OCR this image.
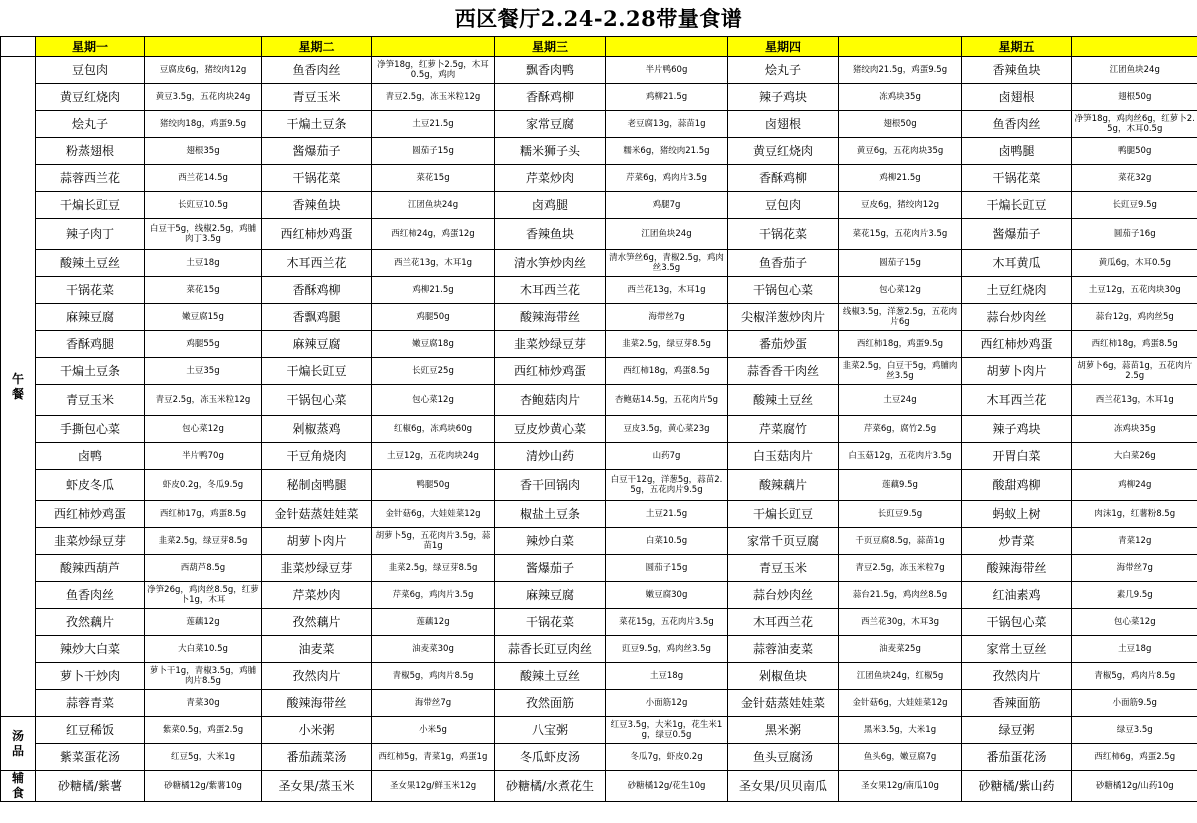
西区餐厅2.24-2.28带量食谱
	星期一		星期二		星期三		星期四		星期五	
午餐	豆包肉	豆腐皮6g，猪绞肉12g	鱼香肉丝	净笋18g，红萝卜2.5g，木耳0.5g，鸡肉	飘香肉鸭	半片鸭60g	烩丸子	猪绞肉21.5g，鸡蛋9.5g	香辣鱼块	江团鱼块24g
	黄豆红烧肉	黄豆3.5g，五花肉块24g	青豆玉米	青豆2.5g，冻玉米粒12g	香酥鸡柳	鸡柳21.5g	辣子鸡块	冻鸡块35g	卤翅根	翅根50g
	烩丸子	猪绞肉18g，鸡蛋9.5g	干煸土豆条	土豆21.5g	家常豆腐	老豆腐13g，蒜苗1g	卤翅根	翅根50g	鱼香肉丝	净笋18g，鸡肉丝6g，红萝卜2.5g，木耳0.5g
	粉蒸翅根	翅根35g	酱爆茄子	圆茄子15g	糯米狮子头	糯米6g，猪绞肉21.5g	黄豆红烧肉	黄豆6g，五花肉块35g	卤鸭腿	鸭腿50g
	蒜蓉西兰花	西兰花14.5g	干锅花菜	菜花15g	芹菜炒肉	芹菜6g，鸡肉片3.5g	香酥鸡柳	鸡柳21.5g	干锅花菜	菜花32g
	干煸长豇豆	长豇豆10.5g	香辣鱼块	江团鱼块24g	卤鸡腿	鸡腿7g	豆包肉	豆皮6g，猪绞肉12g	干煸长豇豆	长豇豆9.5g
	辣子肉丁	白豆干5g，线椒2.5g，鸡脯肉丁3.5g	西红柿炒鸡蛋	西红柿24g，鸡蛋12g	香辣鱼块	江团鱼块24g	干锅花菜	菜花15g，五花肉片3.5g	酱爆茄子	圆茄子16g
	酸辣土豆丝	土豆18g	木耳西兰花	西兰花13g，木耳1g	清水笋炒肉丝	清水笋丝6g，青椒2.5g，鸡肉丝3.5g	鱼香茄子	圆茄子15g	木耳黄瓜	黄瓜6g，木耳0.5g
	干锅花菜	菜花15g	香酥鸡柳	鸡柳21.5g	木耳西兰花	西兰花13g，木耳1g	干锅包心菜	包心菜12g	土豆红烧肉	土豆12g，五花肉块30g
	麻辣豆腐	嫩豆腐15g	香飘鸡腿	鸡腿50g	酸辣海带丝	海带丝7g	尖椒洋葱炒肉片	线椒3.5g，洋葱2.5g，五花肉片6g	蒜台炒肉丝	蒜台12g，鸡肉丝5g
	香酥鸡腿	鸡腿55g	麻辣豆腐	嫩豆腐18g	韭菜炒绿豆芽	韭菜2.5g，绿豆芽8.5g	番茄炒蛋	西红柿18g，鸡蛋9.5g	西红柿炒鸡蛋	西红柿18g，鸡蛋8.5g
	干煸土豆条	土豆35g	干煸长豇豆	长豇豆25g	西红柿炒鸡蛋	西红柿18g，鸡蛋8.5g	蒜香香干肉丝	韭菜2.5g，白豆干5g，鸡脯肉丝3.5g	胡萝卜肉片	胡萝卜6g，蒜苗1g，五花肉片2.5g
	青豆玉米	青豆2.5g，冻玉米粒12g	干锅包心菜	包心菜12g	杏鲍菇肉片	杏鲍菇14.5g，五花肉片5g	酸辣土豆丝	土豆24g	木耳西兰花	西兰花13g，木耳1g
	手撕包心菜	包心菜12g	剁椒蒸鸡	红椒6g，冻鸡块60g	豆皮炒黄心菜	豆皮3.5g，黄心菜23g	芹菜腐竹	芹菜6g，腐竹2.5g	辣子鸡块	冻鸡块35g
	卤鸭	半片鸭70g	干豆角烧肉	土豆12g，五花肉块24g	清炒山药	山药7g	白玉菇肉片	白玉菇12g，五花肉片3.5g	开胃白菜	大白菜26g
	虾皮冬瓜	虾皮0.2g，冬瓜9.5g	秘制卤鸭腿	鸭腿50g	香干回锅肉	白豆干12g，洋葱5g，蒜苗2.5g，五花肉片9.5g	酸辣藕片	莲藕9.5g	酸甜鸡柳	鸡柳24g
	西红柿炒鸡蛋	西红柿17g，鸡蛋8.5g	金针菇蒸娃娃菜	金针菇6g，大娃娃菜12g	椒盐土豆条	土豆21.5g	干煸长豇豆	长豇豆9.5g	蚂蚁上树	肉沫1g，红薯粉8.5g
	韭菜炒绿豆芽	韭菜2.5g，绿豆芽8.5g	胡萝卜肉片	胡萝卜5g，五花肉片3.5g，蒜苗1g	辣炒白菜	白菜10.5g	家常千页豆腐	千页豆腐8.5g，蒜苗1g	炒青菜	青菜12g
	酸辣西葫芦	西葫芦8.5g	韭菜炒绿豆芽	韭菜2.5g，绿豆芽8.5g	酱爆茄子	圆茄子15g	青豆玉米	青豆2.5g，冻玉米粒7g	酸辣海带丝	海带丝7g
	鱼香肉丝	净笋26g，鸡肉丝8.5g，红萝卜1g，木耳	芹菜炒肉	芹菜6g，鸡肉片3.5g	麻辣豆腐	嫩豆腐30g	蒜台炒肉丝	蒜台21.5g，鸡肉丝8.5g	红油素鸡	素几9.5g
	孜然藕片	莲藕12g	孜然藕片	莲藕12g	干锅花菜	菜花15g，五花肉片3.5g	木耳西兰花	西兰花30g，木耳3g	干锅包心菜	包心菜12g
	辣炒大白菜	大白菜10.5g	油麦菜	油麦菜30g	蒜香长豇豆肉丝	豇豆9.5g，鸡肉丝3.5g	蒜蓉油麦菜	油麦菜25g	家常土豆丝	土豆18g
	萝卜干炒肉	萝卜干1g，青椒3.5g，鸡脯肉片8.5g	孜然肉片	青椒5g，鸡肉片8.5g	酸辣土豆丝	土豆18g	剁椒鱼块	江团鱼块24g，红椒5g	孜然肉片	青椒5g，鸡肉片8.5g
	蒜蓉青菜	青菜30g	酸辣海带丝	海带丝7g	孜然面筋	小面筋12g	金针菇蒸娃娃菜	金针菇6g，大娃娃菜12g	香辣面筋	小面筋9.5g
汤品	红豆稀饭	紫菜0.5g，鸡蛋2.5g	小米粥	小米5g	八宝粥	红豆3.5g，大米1g，花生米1g，绿豆0.5g	黑米粥	黑米3.5g，大米1g	绿豆粥	绿豆3.5g
	紫菜蛋花汤	红豆5g，大米1g	番茄蔬菜汤	西红柿5g，青菜1g，鸡蛋1g	冬瓜虾皮汤	冬瓜7g，虾皮0.2g	鱼头豆腐汤	鱼头6g，嫩豆腐7g	番茄蛋花汤	西红柿6g，鸡蛋2.5g
辅食	砂糖橘/紫薯	砂糖橘12g/紫薯10g	圣女果/蒸玉米	圣女果12g/鲜玉米12g	砂糖橘/水煮花生	砂糖橘12g/花生10g	圣女果/贝贝南瓜	圣女果12g/南瓜10g	砂糖橘/紫山药	砂糖橘12g/山药10g
